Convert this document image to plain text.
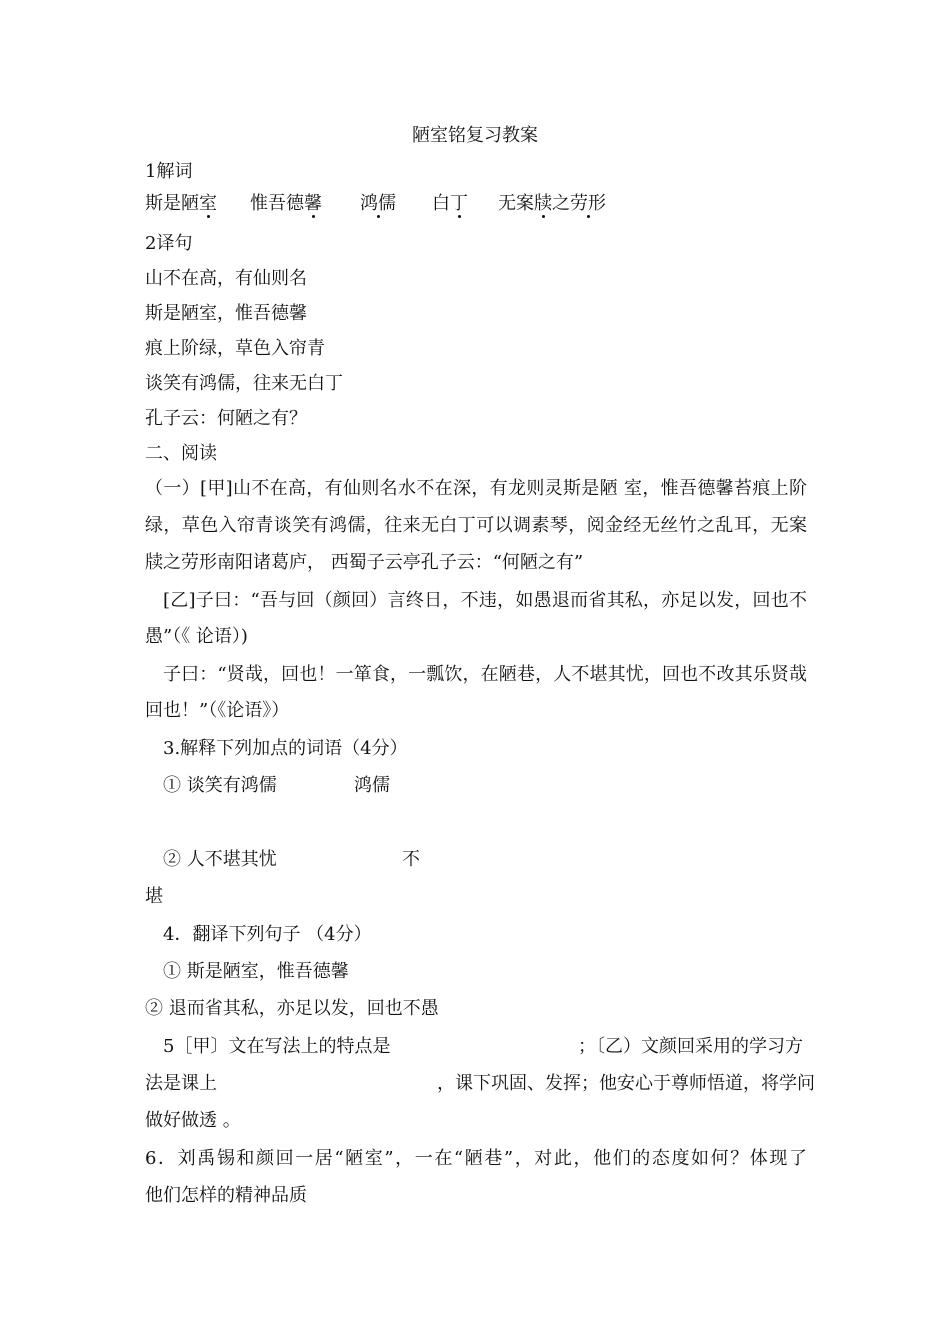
陋室铭复习教案
1解词
斯是陋室 惟吾德馨 鸿儒 白丁 无案牍之劳形
2译句
山不在高，有仙则名
斯是陋室，惟吾德馨
痕上阶绿，草色入帘青
谈笑有鸿儒，往来无白丁
孔子云：何陋之有？
二、阅读
（一）[甲]山不在高，有仙则名水不在深，有龙则灵斯是陋 室，惟吾德馨苔痕上阶
绿，草色入帘青谈笑有鸿儒，往来无白丁可以调素琴，阅金经无丝竹之乱耳，无案
牍之劳形南阳诸葛庐， 西蜀子云亭孔子云：“何陋之有”
[乙]子曰：“吾与回（颜回）言终日，不违，如愚退而省其私，亦足以发，回也不
愚”（《 论语）)
子曰：“贤哉，回也！一箪食，一瓢饮，在陋巷，人不堪其忧，回也不改其乐贤哉
回也！”（《论语》）
3.解释下列加点的词语（4分）
① 谈笑有鸿儒	鸿儒
② 人不堪其忧	不
堪
4．翻译下列句子 （4分）
① 斯是陋室，惟吾德馨
② 退而省其私，亦足以发，回也不愚
5［甲〕文在写法上的特点是	；〔乙）文颜回采用的学习方
法是课上	，课下巩固、发挥；他安心于尊师悟道，将学问
做好做透 。
6．刘禹锡和颜回一居“陋室”，一在“陋巷”，对此，他们的态度如何？体现了
他们怎样的精神品质
